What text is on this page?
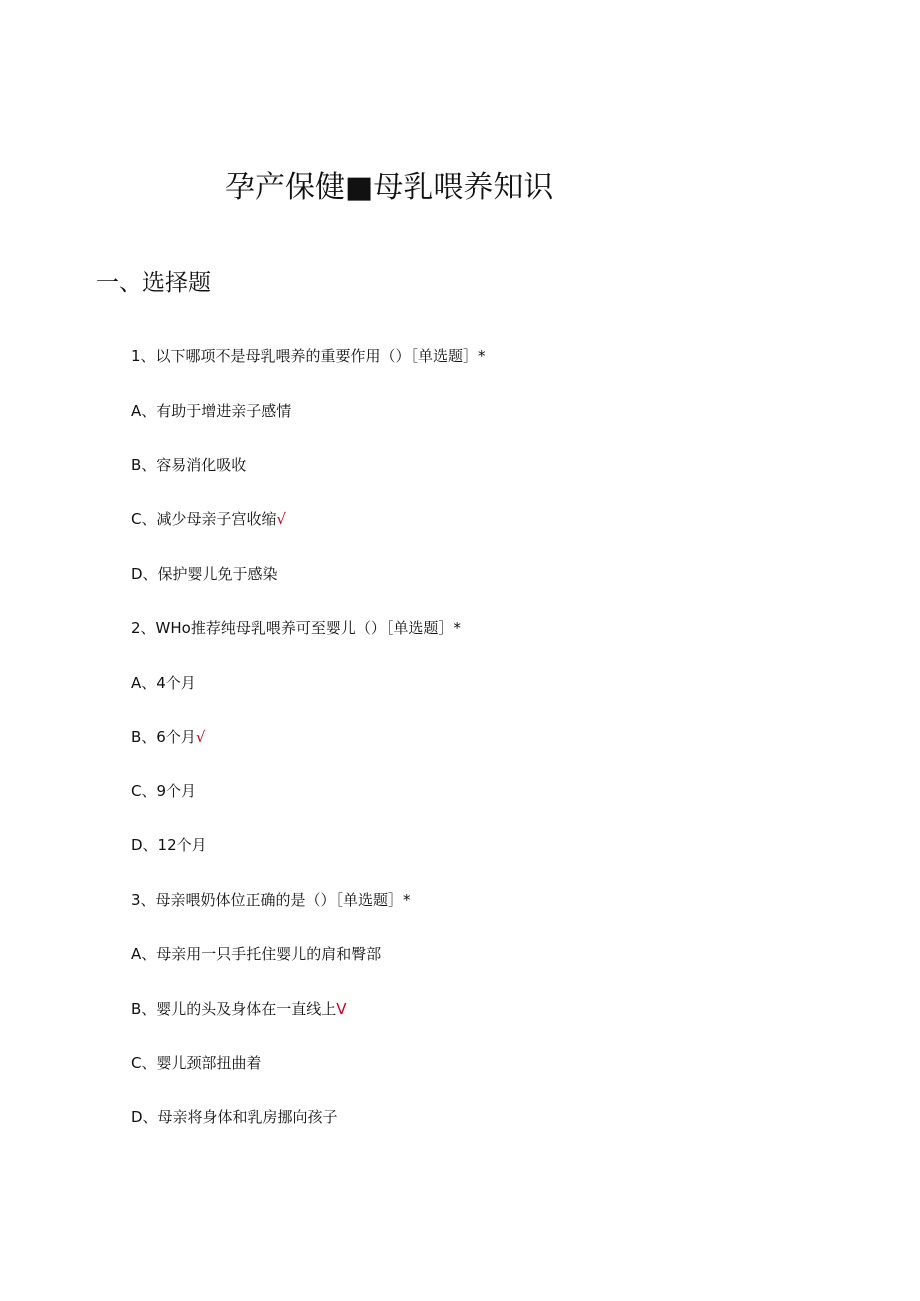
孕产保健■母乳喂养知识
一、选择题
1、以下哪项不是母乳喂养的重要作用（）［单选题］*
A、有助于增进亲子感情
B、容易消化吸收
C、减少母亲子宫收缩√
D、保护婴儿免于感染
2、WHo推荐纯母乳喂养可至婴儿（）［单选题］*
A、4个月
B、6个月√
C、9个月
D、12个月
3、母亲喂奶体位正确的是（）［单选题］*
A、母亲用一只手托住婴儿的肩和臀部
B、婴儿的头及身体在一直线上V
C、婴儿颈部扭曲着
D、母亲将身体和乳房挪向孩子
